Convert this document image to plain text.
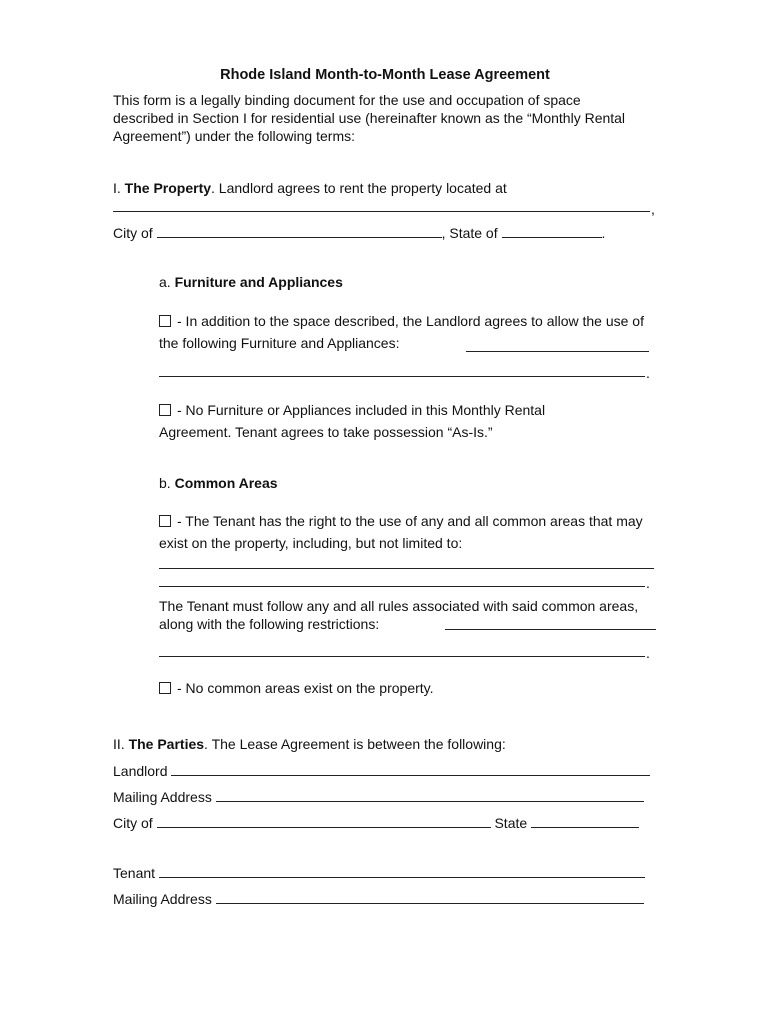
Rhode Island Month-to-Month Lease Agreement
This form is a legally binding document for the use and occupation of space described in Section I for residential use (hereinafter known as the “Monthly Rental Agreement”) under the following terms:
I. The Property. Landlord agrees to rent the property located at
,
City of	, State of	.
a. Furniture and Appliances
- In addition to the space described, the Landlord agrees to allow the use of the following Furniture and Appliances:
.
- No Furniture or Appliances included in this Monthly Rental Agreement. Tenant agrees to take possession “As-Is.”
b. Common Areas
- The Tenant has the right to the use of any and all common areas that may exist on the property, including, but not limited to:
.
The Tenant must follow any and all rules associated with said common areas, along with the following restrictions:
.
- No common areas exist on the property.
II. The Parties. The Lease Agreement is between the following:
Landlord
Mailing Address
City of	State
Tenant
Mailing Address
